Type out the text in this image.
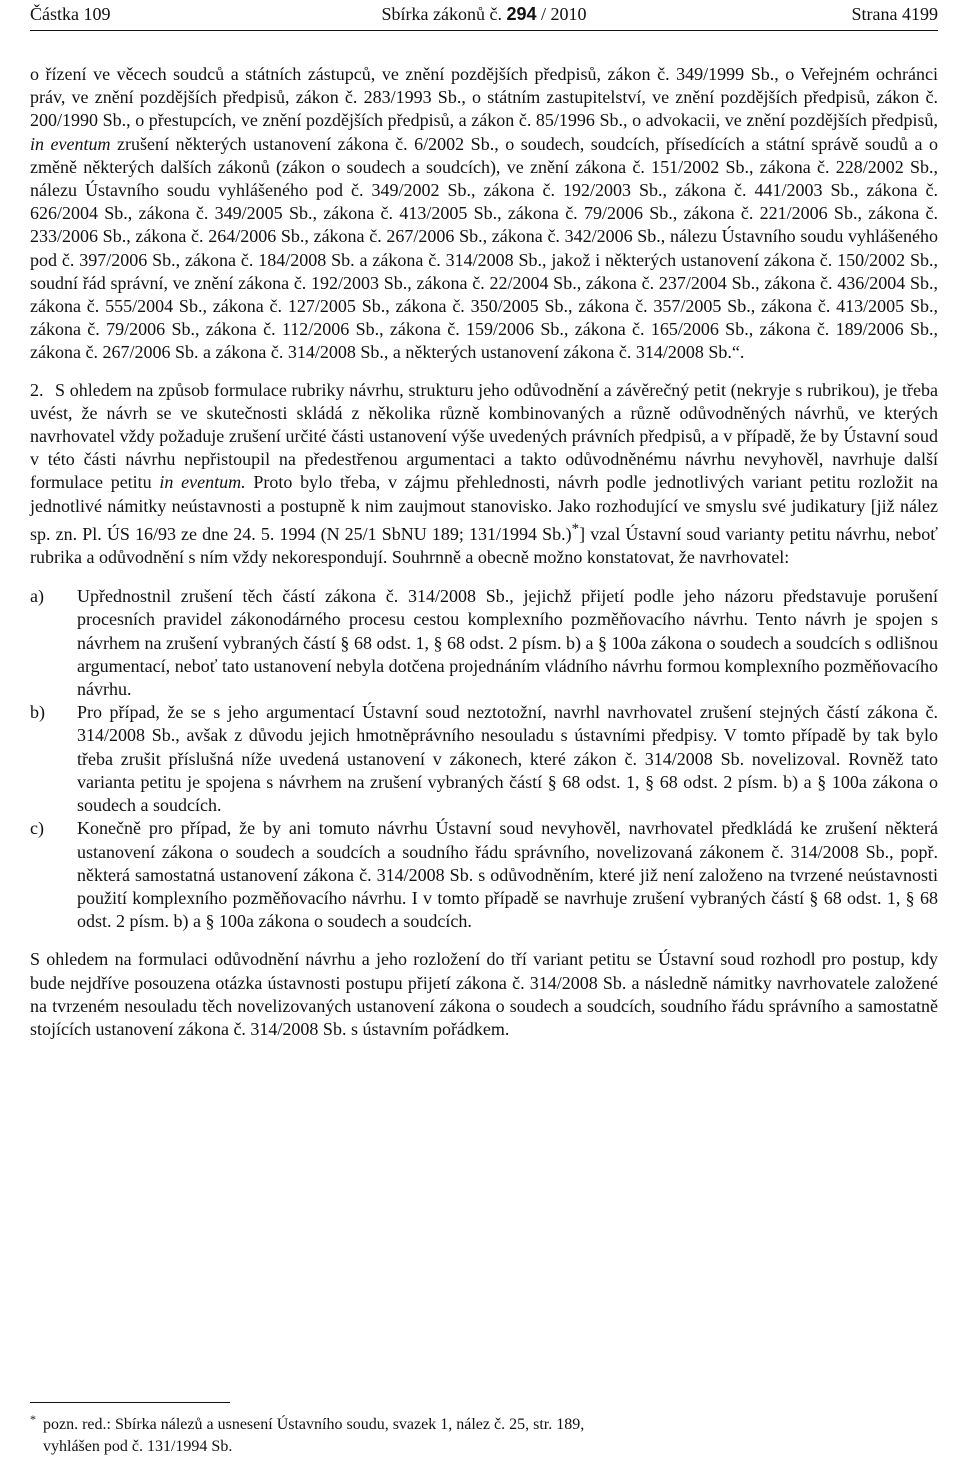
Částka 109	Sbírka zákonů č. 294 / 2010	Strana 4199

o řízení ve věcech soudců a státních zástupců, ve znění pozdějších předpisů, zákon č. 349/1999 Sb., o Veřejném ochránci práv, ve znění pozdějších předpisů, zákon č. 283/1993 Sb., o státním zastupitelství, ve znění pozdějších předpisů, zákon č. 200/1990 Sb., o přestupcích, ve znění pozdějších předpisů, a zákon č. 85/1996 Sb., o advokacii, ve znění pozdějších předpisů, in eventum zrušení některých ustanovení zákona č. 6/2002 Sb., o soudech, soudcích, přísedících a státní správě soudů a o změně některých dalších zákonů (zákon o soudech a soudcích), ve znění zákona č. 151/2002 Sb., zákona č. 228/2002 Sb., nálezu Ústavního soudu vyhlášeného pod č. 349/2002 Sb., zákona č. 192/2003 Sb., zákona č. 441/2003 Sb., zákona č. 626/2004 Sb., zákona č. 349/2005 Sb., zákona č. 413/2005 Sb., zákona č. 79/2006 Sb., zákona č. 221/2006 Sb., zákona č. 233/2006 Sb., zákona č. 264/2006 Sb., zákona č. 267/2006 Sb., zákona č. 342/2006 Sb., nálezu Ústavního soudu vyhlášeného pod č. 397/2006 Sb., zákona č. 184/2008 Sb. a zákona č. 314/2008 Sb., jakož i některých ustanovení zákona č. 150/2002 Sb., soudní řád správní, ve znění zákona č. 192/2003 Sb., zákona č. 22/2004 Sb., zákona č. 237/2004 Sb., zákona č. 436/2004 Sb., zákona č. 555/2004 Sb., zákona č. 127/2005 Sb., zákona č. 350/2005 Sb., zákona č. 357/2005 Sb., zákona č. 413/2005 Sb., zákona č. 79/2006 Sb., zákona č. 112/2006 Sb., zákona č. 159/2006 Sb., zákona č. 165/2006 Sb., zákona č. 189/2006 Sb., zákona č. 267/2006 Sb. a zákona č. 314/2008 Sb., a některých ustanovení zákona č. 314/2008 Sb.“.

2. S ohledem na způsob formulace rubriky návrhu, strukturu jeho odůvodnění a závěrečný petit (nekryje s rubrikou), je třeba uvést, že návrh se ve skutečnosti skládá z několika různě kombinovaných a různě odůvodněných návrhů, ve kterých navrhovatel vždy požaduje zrušení určité části ustanovení výše uvedených právních předpisů, a v případě, že by Ústavní soud v této části návrhu nepřistoupil na předestřenou argumentaci a takto odůvodněnému návrhu nevyhověl, navrhuje další formulace petitu in eventum. Proto bylo třeba, v zájmu přehlednosti, návrh podle jednotlivých variant petitu rozložit na jednotlivé námitky neústavnosti a postupně k nim zaujmout stanovisko. Jako rozhodující ve smyslu své judikatury [již nález sp. zn. Pl. ÚS 16/93 ze dne 24. 5. 1994 (N 25/1 SbNU 189; 131/1994 Sb.)*] vzal Ústavní soud varianty petitu návrhu, neboť rubrika a odůvodnění s ním vždy nekorespondují. Souhrnně a obecně možno konstatovat, že navrhovatel:

a) Upřednostnil zrušení těch částí zákona č. 314/2008 Sb., jejichž přijetí podle jeho názoru představuje porušení procesních pravidel zákonodárného procesu cestou komplexního pozměňovacího návrhu. Tento návrh je spojen s návrhem na zrušení vybraných částí § 68 odst. 1, § 68 odst. 2 písm. b) a § 100a zákona o soudech a soudcích s odlišnou argumentací, neboť tato ustanovení nebyla dotčena projednáním vládního návrhu formou komplexního pozměňovacího návrhu.

b) Pro případ, že se s jeho argumentací Ústavní soud neztotožní, navrhl navrhovatel zrušení stejných částí zákona č. 314/2008 Sb., avšak z důvodu jejich hmotněprávního nesouladu s ústavními předpisy. V tomto případě by tak bylo třeba zrušit příslušná níže uvedená ustanovení v zákonech, které zákon č. 314/2008 Sb. novelizoval. Rovněž tato varianta petitu je spojena s návrhem na zrušení vybraných částí § 68 odst. 1, § 68 odst. 2 písm. b) a § 100a zákona o soudech a soudcích.

c) Konečně pro případ, že by ani tomuto návrhu Ústavní soud nevyhověl, navrhovatel předkládá ke zrušení některá ustanovení zákona o soudech a soudcích a soudního řádu správního, novelizovaná zákonem č. 314/2008 Sb., popř. některá samostatná ustanovení zákona č. 314/2008 Sb. s odůvodněním, které již není založeno na tvrzené neústavnosti použití komplexního pozměňovacího návrhu. I v tomto případě se navrhuje zrušení vybraných částí § 68 odst. 1, § 68 odst. 2 písm. b) a § 100a zákona o soudech a soudcích.

S ohledem na formulaci odůvodnění návrhu a jeho rozložení do tří variant petitu se Ústavní soud rozhodl pro postup, kdy bude nejdříve posouzena otázka ústavnosti postupu přijetí zákona č. 314/2008 Sb. a následně námitky navrhovatele založené na tvrzeném nesouladu těch novelizovaných ustanovení zákona o soudech a soudcích, soudního řádu správního a samostatně stojících ustanovení zákona č. 314/2008 Sb. s ústavním pořádkem.

* pozn. red.: Sbírka nálezů a usnesení Ústavního soudu, svazek 1, nález č. 25, str. 189,
vyhlášen pod č. 131/1994 Sb.
